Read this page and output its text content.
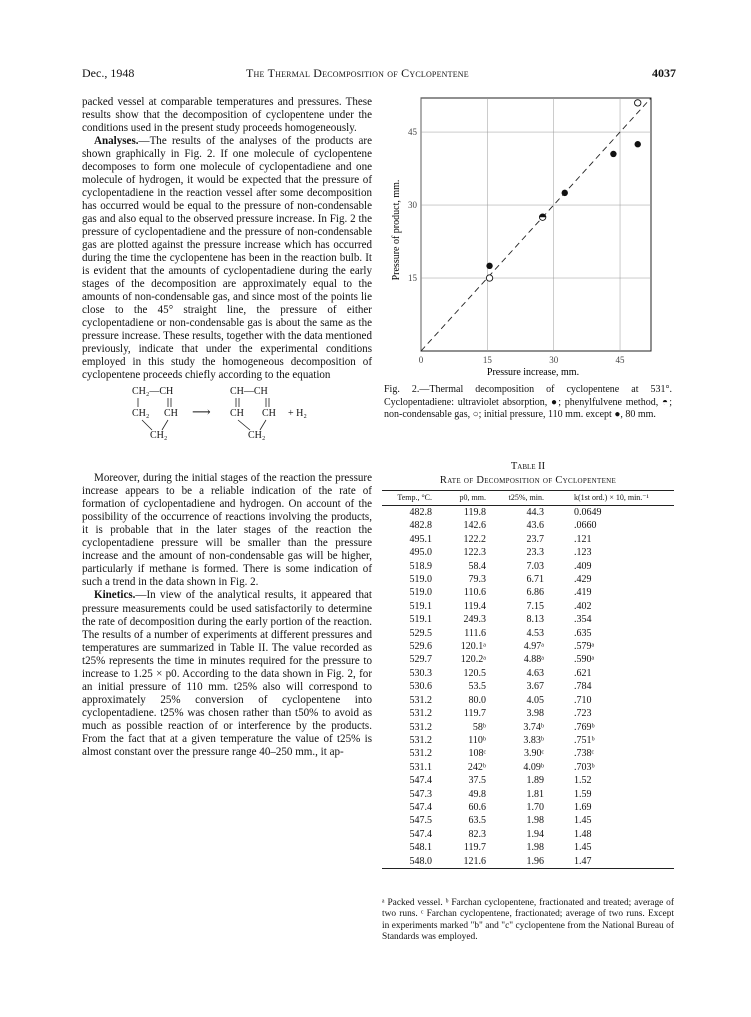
Dec., 1948	The Thermal Decomposition of Cyclopentene	4037

packed vessel at comparable temperatures and pressures. These results show that the decomposition of cyclopentene under the conditions used in the present study proceeds homogeneously.

Analyses.—The results of the analyses of the products are shown graphically in Fig. 2. If one molecule of cyclopentene decomposes to form one molecule of cyclopentadiene and one molecule of hydrogen, it would be expected that the pressure of cyclopentadiene in the reaction vessel after some decomposition has occurred would be equal to the pressure of non-condensable gas and also equal to the observed pressure increase. In Fig. 2 the pressure of cyclopentadiene and the pressure of non-condensable gas are plotted against the pressure increase which has occurred during the time the cyclopentene has been in the reaction bulb. It is evident that the amounts of cyclopentadiene during the early stages of the decomposition are approximately equal to the amounts of non-condensable gas, and since most of the points lie close to the 45° straight line, the pressure of either cyclopentadiene or non-condensable gas is about the same as the pressure increase. These results, together with the data mentioned previously, indicate that under the experimental conditions employed in this study the homogeneous decomposition of cyclopentene proceeds chiefly according to the equation

CH₂—CH
CH₂ CH
CH₂
⟶
CH—CH
CH CH
CH₂
+ H₂

Moreover, during the initial stages of the reaction the pressure increase appears to be a reliable indication of the rate of formation of cyclopentadiene and hydrogen. On account of the possibility of the occurrence of reactions involving the products, it is probable that in the later stages of the reaction the cyclopentadiene pressure will be smaller than the pressure increase and the amount of non-condensable gas will be higher, particularly if methane is formed. There is some indication of such a trend in the data shown in Fig. 2.

Kinetics.—In view of the analytical results, it appeared that pressure measurements could be used satisfactorily to determine the rate of decomposition during the early portion of the reaction. The results of a number of experiments at different pressures and temperatures are summarized in Table II. The value recorded as t25% represents the time in minutes required for the pressure to increase to 1.25 × p0. According to the data shown in Fig. 2, for an initial pressure of 110 mm. t25% also will correspond to approximately 25% conversion of cyclopentene into cyclopentadiene. t25% was chosen rather than t50% to avoid as much as possible reaction of or interference by the products. From the fact that at a given temperature the value of t25% is almost constant over the pressure range 40–250 mm., it ap-

0	15	30	45
15
30
45
Pressure increase, mm.
Pressure of product, mm.
Fig. 2.—Thermal decomposition of cyclopentene at 531°. Cyclopentadiene: ultraviolet absorption, ●; phenylfulvene method, ◓; non-condensable gas, ○; initial pressure, 110 mm. except ●, 80 mm.
Table II
Rate of Decomposition of Cyclopentene
Temp., °C.	p0, mm.	t25%, min.	k(1st ord.) × 10, min.⁻¹
482.8	119.8	44.3	0.0649
482.8	142.6	43.6	.0660
495.1	122.2	23.7	.121
495.0	122.3	23.3	.123
518.9	58.4	7.03	.409
519.0	79.3	6.71	.429
519.0	110.6	6.86	.419
519.1	119.4	7.15	.402
519.1	249.3	8.13	.354
529.5	111.6	4.53	.635
529.6	120.1ᵃ	4.97ᵃ	.579ᵃ
529.7	120.2ᵃ	4.88ᵃ	.590ᵃ
530.3	120.5	4.63	.621
530.6	53.5	3.67	.784
531.2	80.0	4.05	.710
531.2	119.7	3.98	.723
531.2	58ᵇ	3.74ᵇ	.769ᵇ
531.2	110ᵇ	3.83ᵇ	.751ᵇ
531.2	108ᶜ	3.90ᶜ	.738ᶜ
531.1	242ᵇ	4.09ᵇ	.703ᵇ
547.4	37.5	1.89	1.52
547.3	49.8	1.81	1.59
547.4	60.6	1.70	1.69
547.5	63.5	1.98	1.45
547.4	82.3	1.94	1.48
548.1	119.7	1.98	1.45
548.0	121.6	1.96	1.47
ᵃ Packed vessel. ᵇ Farchan cyclopentene, fractionated and treated; average of two runs. ᶜ Farchan cyclopentene, fractionated; average of two runs. Except in experiments marked "b" and "c" cyclopentene from the National Bureau of Standards was employed.
